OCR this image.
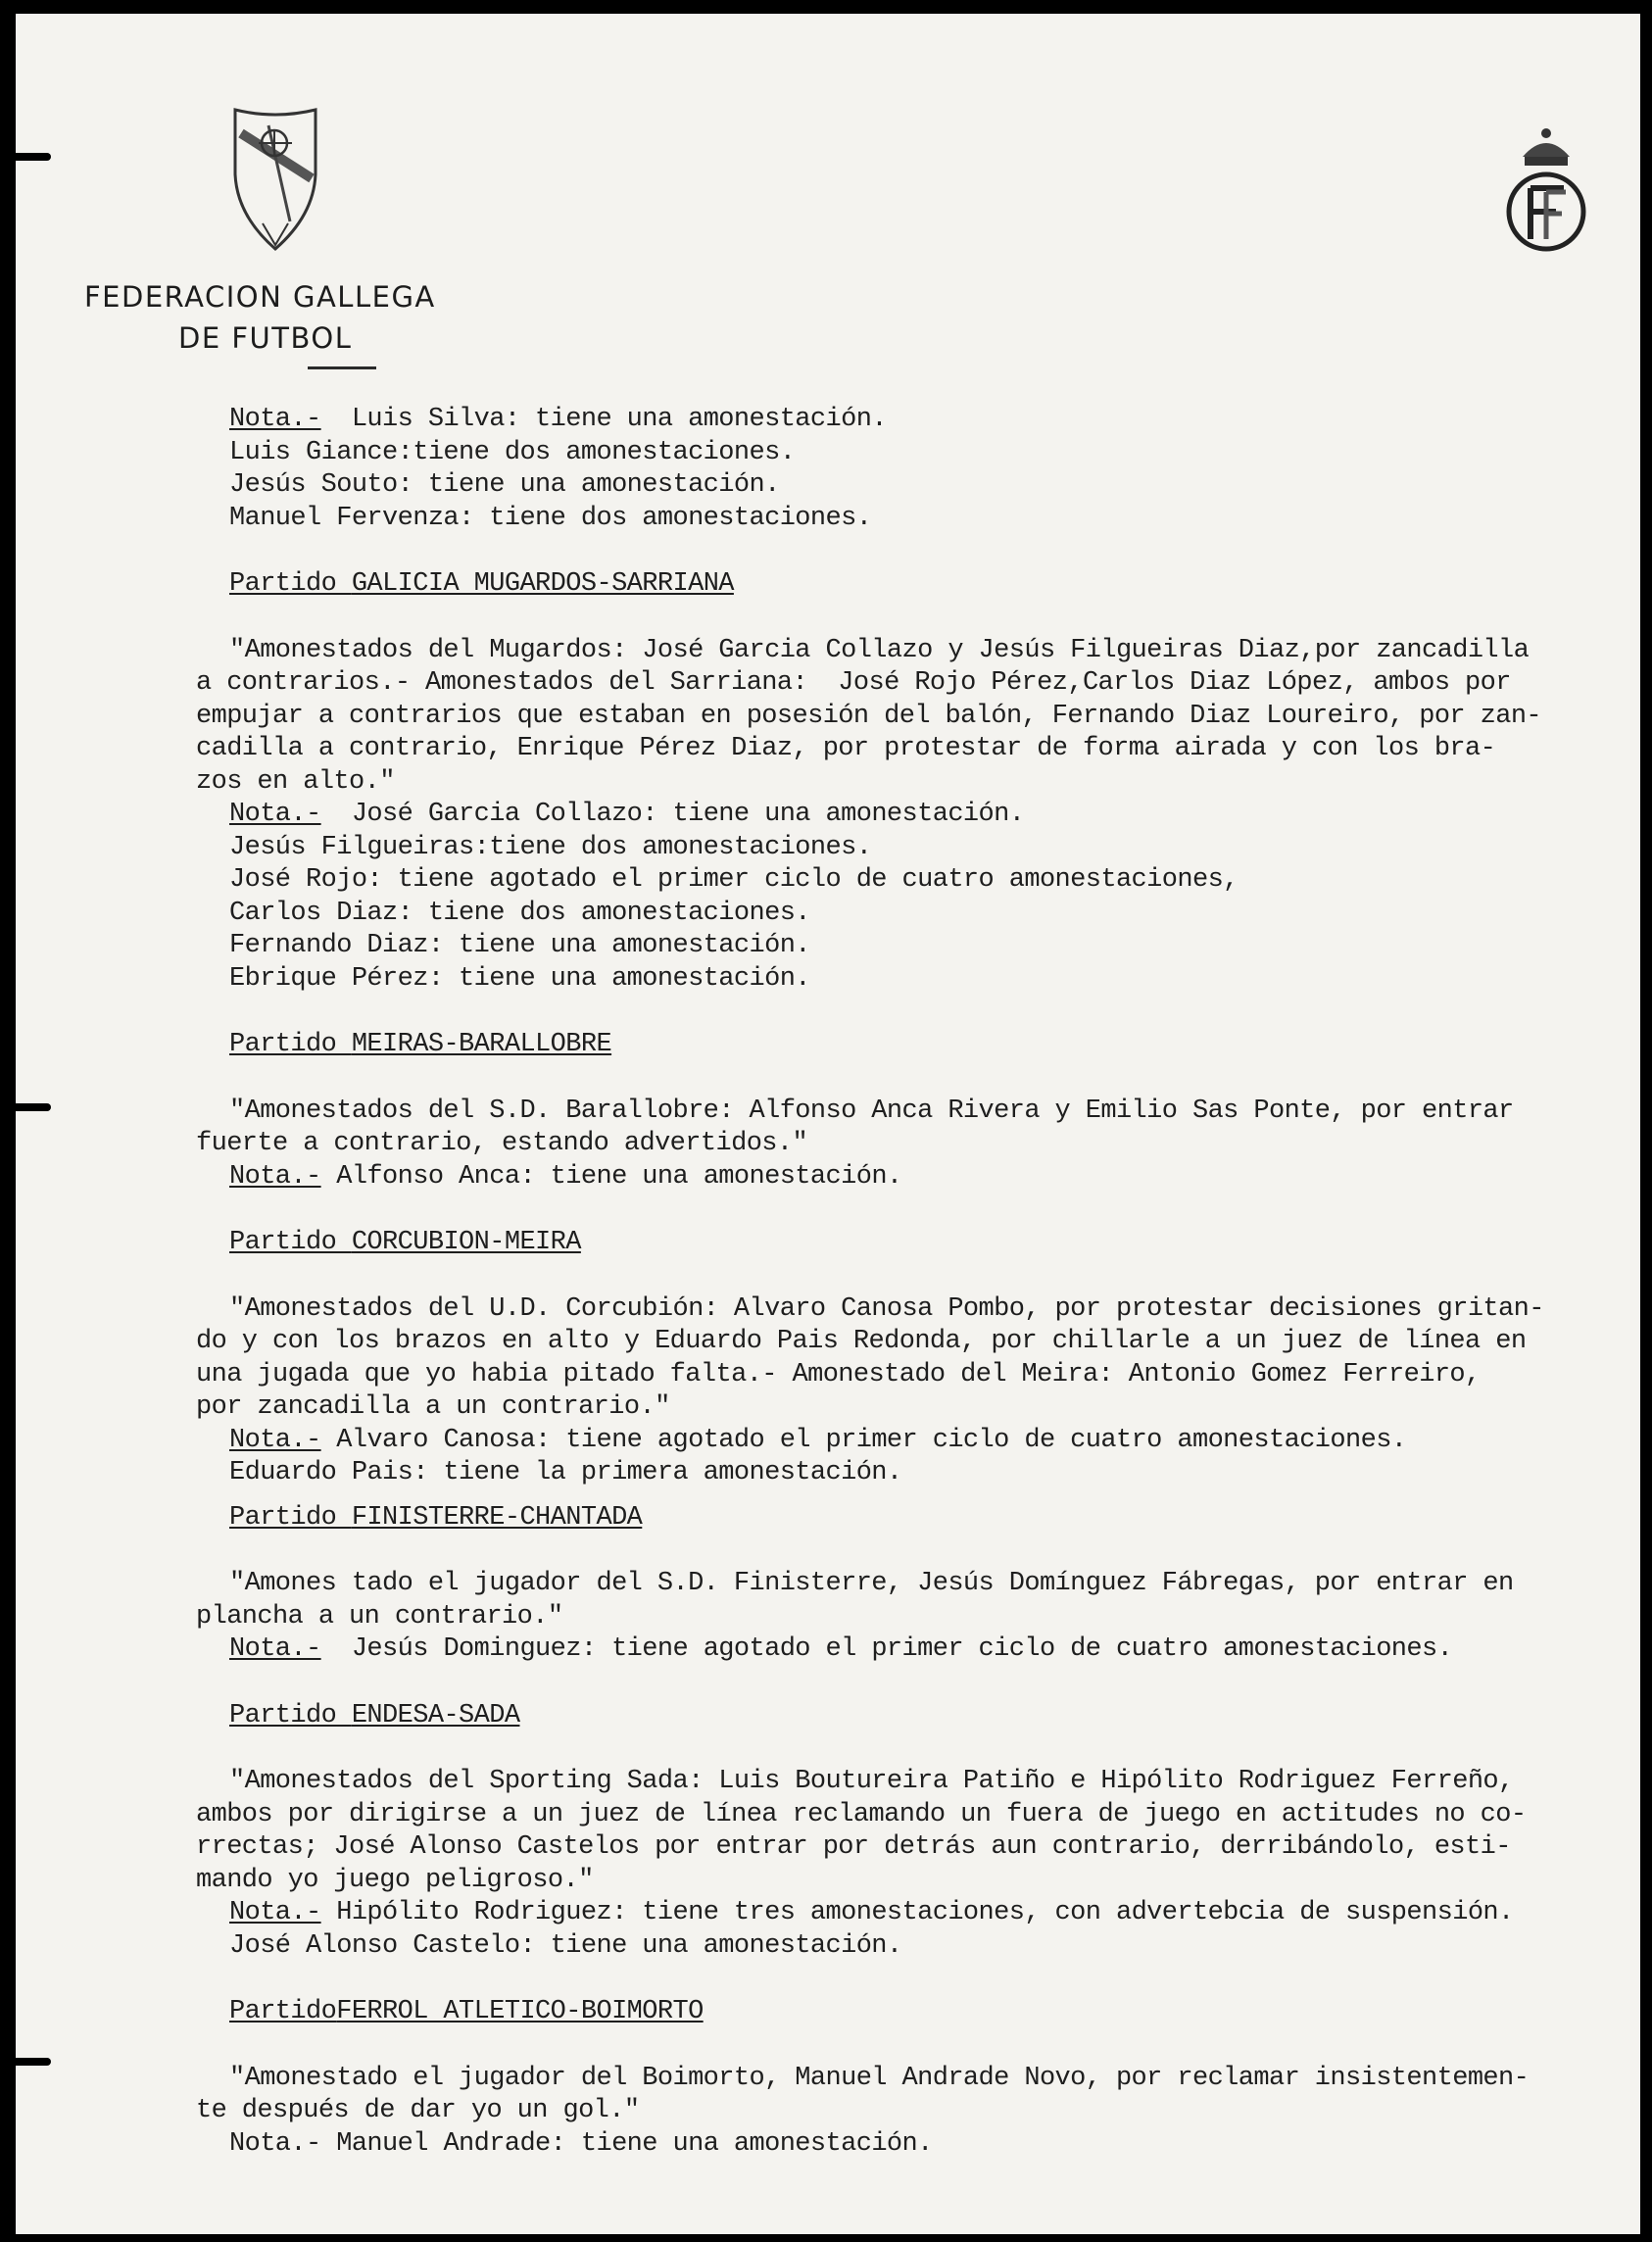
FEDERACION GALLEGA
DE FUTBOL
Nota.-  Luis Silva: tiene una amonestación.
Luis Giance:tiene dos amonestaciones.
Jesús Souto: tiene una amonestación.
Manuel Fervenza: tiene dos amonestaciones.
Partido GALICIA MUGARDOS-SARRIANA
"Amonestados del Mugardos: José Garcia Collazo y Jesús Filgueiras Diaz,por zancadilla
a contrarios.- Amonestados del Sarriana:  José Rojo Pérez,Carlos Diaz López, ambos por
empujar a contrarios que estaban en posesión del balón, Fernando Diaz Loureiro, por zan-
cadilla a contrario, Enrique Pérez Diaz, por protestar de forma airada y con los bra-
zos en alto."
Nota.-  José Garcia Collazo: tiene una amonestación.
Jesús Filgueiras:tiene dos amonestaciones.
José Rojo: tiene agotado el primer ciclo de cuatro amonestaciones,
Carlos Diaz: tiene dos amonestaciones.
Fernando Diaz: tiene una amonestación.
Ebrique Pérez: tiene una amonestación.
Partido MEIRAS-BARALLOBRE
"Amonestados del S.D. Barallobre: Alfonso Anca Rivera y Emilio Sas Ponte, por entrar
fuerte a contrario, estando advertidos."
Nota.- Alfonso Anca: tiene una amonestación.
Partido CORCUBION-MEIRA
"Amonestados del U.D. Corcubión: Alvaro Canosa Pombo, por protestar decisiones gritan-
do y con los brazos en alto y Eduardo Pais Redonda, por chillarle a un juez de línea en
una jugada que yo habia pitado falta.- Amonestado del Meira: Antonio Gomez Ferreiro,
por zancadilla a un contrario."
Nota.- Alvaro Canosa: tiene agotado el primer ciclo de cuatro amonestaciones.
Eduardo Pais: tiene la primera amonestación.
Partido FINISTERRE-CHANTADA
"Amones tado el jugador del S.D. Finisterre, Jesús Domínguez Fábregas, por entrar en
plancha a un contrario."
Nota.-  Jesús Dominguez: tiene agotado el primer ciclo de cuatro amonestaciones.
Partido ENDESA-SADA
"Amonestados del Sporting Sada: Luis Boutureira Patiño e Hipólito Rodriguez Ferreño,
ambos por dirigirse a un juez de línea reclamando un fuera de juego en actitudes no co-
rrectas; José Alonso Castelos por entrar por detrás aun contrario, derribándolo, esti-
mando yo juego peligroso."
Nota.- Hipólito Rodriguez: tiene tres amonestaciones, con advertebcia de suspensión.
José Alonso Castelo: tiene una amonestación.
PartidoFERROL ATLETICO-BOIMORTO
"Amonestado el jugador del Boimorto, Manuel Andrade Novo, por reclamar insistentemen-
te después de dar yo un gol."
Nota.- Manuel Andrade: tiene una amonestación.
